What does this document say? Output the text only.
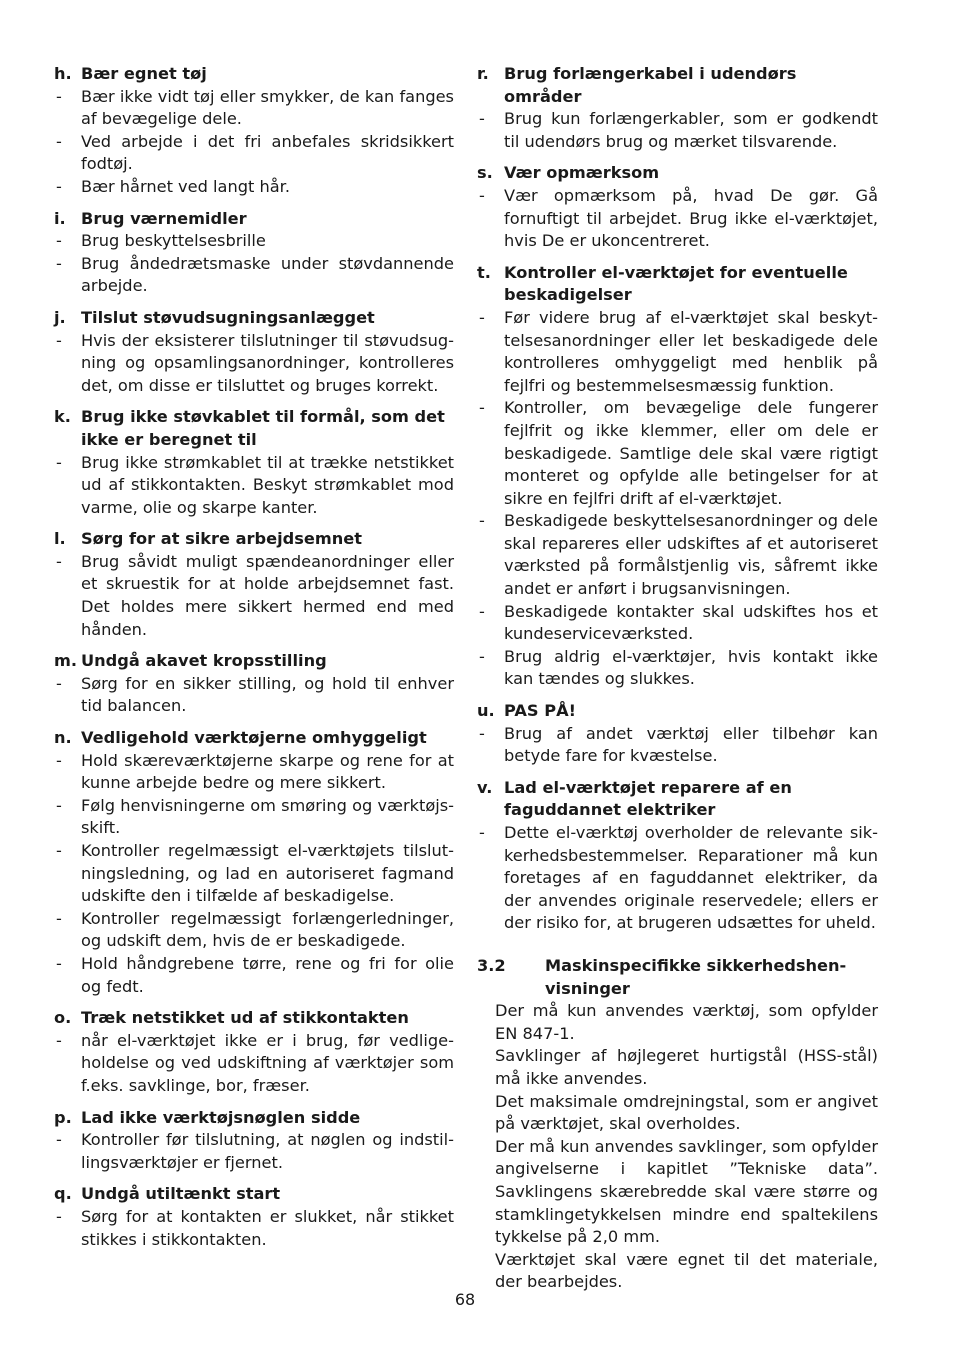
h. Bær egnet tøj
-	Bær ikke vidt tøj eller smykker, de kan fanges af bevægelige dele.
-	Ved arbejde i det fri anbefales skridsikkert fodtøj.
-	Bær hårnet ved langt hår.
i. Brug værnemidler
-	Brug beskyttelsesbrille
-	Brug åndedrætsmaske under støvdannende arbejde.
j. Tilslut støvudsugningsanlægget
-	Hvis der eksisterer tilslutninger til støvudsugning og opsamlingsanordninger, kontrolleres det, om disse er tilsluttet og bruges korrekt.
k. Brug ikke støvkablet til formål, som det ikke er beregnet til
-	Brug ikke strømkablet til at trække netstikket ud af stikkontakten. Beskyt strømkablet mod varme, olie og skarpe kanter.
l. Sørg for at sikre arbejdsemnet
-	Brug såvidt muligt spændeanordninger eller et skruestik for at holde arbejdsemnet fast. Det holdes mere sikkert hermed end med hånden.
m. Undgå akavet kropsstilling
-	Sørg for en sikker stilling, og hold til enhver tid balancen.
n. Vedligehold værktøjerne omhyggeligt
-	Hold skæreværktøjerne skarpe og rene for at kunne arbejde bedre og mere sikkert.
-	Følg henvisningerne om smøring og værktøjsskift.
-	Kontroller regelmæssigt el-værktøjets tilslutningsledning, og lad en autoriseret fagmand udskifte den i tilfælde af beskadigelse.
-	Kontroller regelmæssigt forlængerledninger, og udskift dem, hvis de er beskadigede.
-	Hold håndgrebene tørre, rene og fri for olie og fedt.
o. Træk netstikket ud af stikkontakten
-	når el-værktøjet ikke er i brug, før vedligeholdelse og ved udskiftning af værktøjer som f.eks. savklinge, bor, fræser.
p. Lad ikke værktøjsnøglen sidde
-	Kontroller før tilslutning, at nøglen og indstillingsværktøjer er fjernet.
q. Undgå utiltænkt start
-	Sørg for at kontakten er slukket, når stikket stikkes i stikkontakten.
r. Brug forlængerkabel i udendørs områder
-	Brug kun forlængerkabler, som er godkendt til udendørs brug og mærket tilsvarende.
s. Vær opmærksom
-	Vær opmærksom på, hvad De gør. Gå fornuftigt til arbejdet. Brug ikke el-værktøjet, hvis De er ukoncentreret.
t. Kontroller el-værktøjet for eventuelle beskadigelser
-	Før videre brug af el-værktøjet skal beskyttelsesanordninger eller let beskadigede dele kontrolleres omhyggeligt med henblik på fejlfri og bestemmelsesmæssig funktion.
-	Kontroller, om bevægelige dele fungerer fejlfrit og ikke klemmer, eller om dele er beskadigede. Samtlige dele skal være rigtigt monteret og opfylde alle betingelser for at sikre en fejlfri drift af el-værktøjet.
-	Beskadigede beskyttelsesanordninger og dele skal repareres eller udskiftes af et autoriseret værksted på formålstjenlig vis, såfremt ikke andet er anført i brugsanvisningen.
-	Beskadigede kontakter skal udskiftes hos et kundeserviceværksted.
-	Brug aldrig el-værktøjer, hvis kontakt ikke kan tændes og slukkes.
u. PAS PÅ!
-	Brug af andet værktøj eller tilbehør kan betyde fare for kvæstelse.
v. Lad el-værktøjet reparere af en faguddannet elektriker
-	Dette el-værktøj overholder de relevante sikkerhedsbestemmelser. Reparationer må kun foretages af en faguddannet elektriker, da der anvendes originale reservedele; ellers er der risiko for, at brugeren udsættes for uheld.
3.2	Maskinspecifikke sikkerhedshen-visninger
Der må kun anvendes værktøj, som opfylder EN 847-1.
Savklinger af højlegeret hurtigstål (HSS-stål) må ikke anvendes.
Det maksimale omdrejningstal, som er angivet på værktøjet, skal overholdes.
Der må kun anvendes savklinger, som opfylder angivelserne i kapitlet ”Tekniske data”. Savklingens skærebredde skal være større og stamklingetykkelsen mindre end spaltekilens tykkelse på 2,0 mm.
Værktøjet skal være egnet til det materiale, der bearbejdes.
68
